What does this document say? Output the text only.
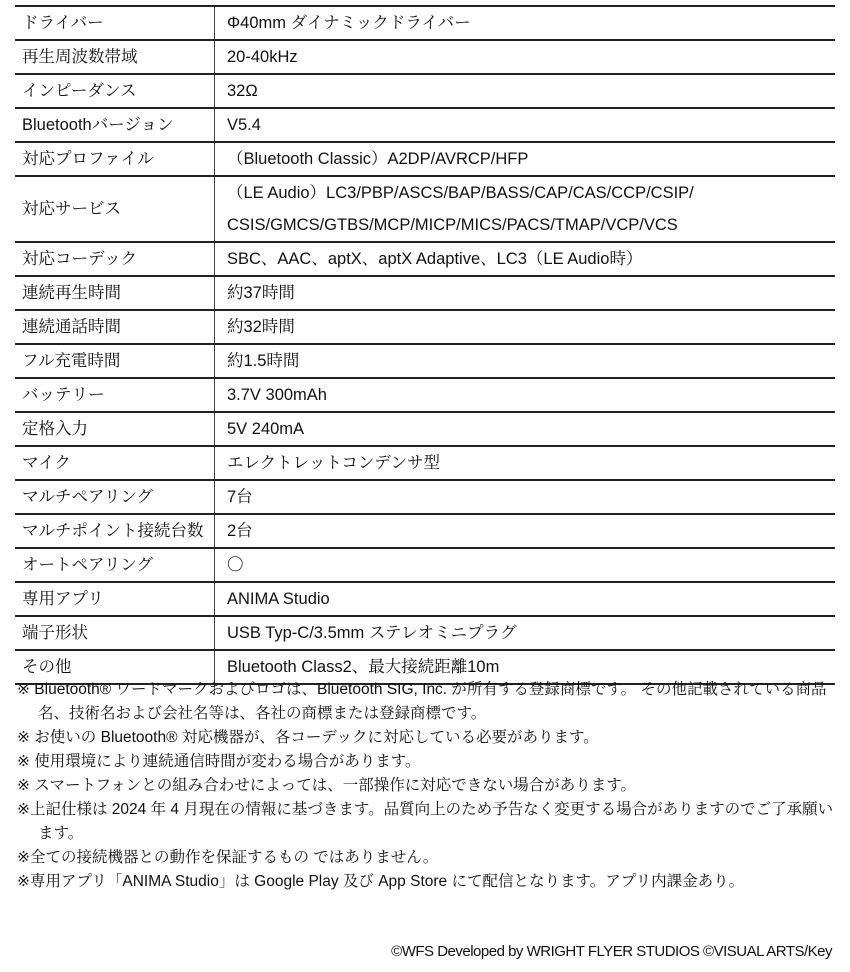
ドライバー	Φ40mm ダイナミックドライバー
再生周波数帯域	20-40kHz
インピーダンス	32Ω
Bluetoothバージョン	V5.4
対応プロファイル	（Bluetooth Classic）A2DP/AVRCP/HFP
対応サービス	（LE Audio）LC3/PBP/ASCS/BAP/BASS/CAP/CAS/CCP/CSIP/ CSIS/GMCS/GTBS/MCP/MICP/MICS/PACS/TMAP/VCP/VCS
対応コーデック	SBC、AAC、aptX、aptX Adaptive、LC3（LE Audio時）
連続再生時間	約37時間
連続通話時間	約32時間
フル充電時間	約1.5時間
バッテリー	3.7V 300mAh
定格入力	5V 240mA
マイク	エレクトレットコンデンサ型
マルチペアリング	7台
マルチポイント接続台数	2台
オートペアリング	〇
専用アプリ	ANIMA Studio
端子形状	USB Typ-C/3.5mm ステレオミニプラグ
その他	Bluetooth Class2、最大接続距離10m
※ Bluetooth® ワードマークおよびロゴは、Bluetooth SIG, Inc. が所有する登録商標です。 その他記載されている商品名、技術名および会社名等は、各社の商標または登録商標です。
※ お使いの Bluetooth® 対応機器が、各コーデックに対応している必要があります。
※ 使用環境により連続通信時間が変わる場合があります。
※ スマートフォンとの組み合わせによっては、一部操作に対応できない場合があります。
※上記仕様は 2024 年 4 月現在の情報に基づきます。品質向上のため予告なく変更する場合がありますのでご了承願います。
※全ての接続機器との動作を保証するもの ではありません。
※専用アプリ「ANIMA Studio」は Google Play 及び App Store にて配信となります。アプリ内課金あり。
©WFS Developed by WRIGHT FLYER STUDIOS ©VISUAL ARTS/Key
